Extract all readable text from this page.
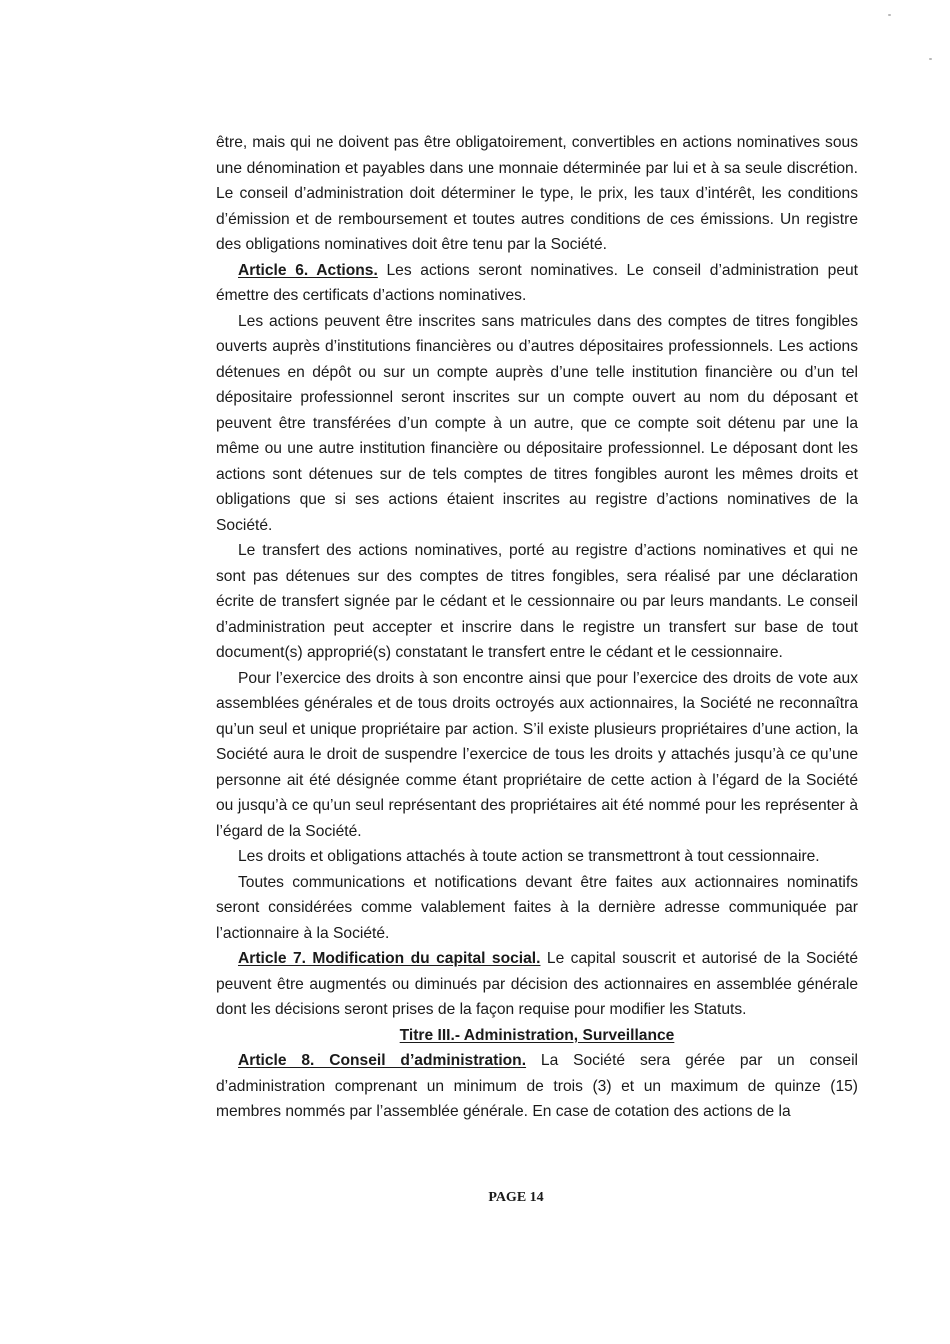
être, mais qui ne doivent pas être obligatoirement, convertibles en actions nominatives sous une dénomination et payables dans une monnaie déterminée par lui et à sa seule discrétion. Le conseil d’administration doit déterminer le type, le prix, les taux d’intérêt, les conditions d’émission et de remboursement et toutes autres conditions de ces émissions. Un registre des obligations nominatives doit être tenu par la Société.

Article 6. Actions. Les actions seront nominatives. Le conseil d’administration peut émettre des certificats d’actions nominatives.

Les actions peuvent être inscrites sans matricules dans des comptes de titres fongibles ouverts auprès d’institutions financières ou d’autres dépositaires professionnels. Les actions détenues en dépôt ou sur un compte auprès d’une telle institution financière ou d’un tel dépositaire professionnel seront inscrites sur un compte ouvert au nom du déposant et peuvent être transférées d’un compte à un autre, que ce compte soit détenu par une la même ou une autre institution financière ou dépositaire professionnel. Le déposant dont les actions sont détenues sur de tels comptes de titres fongibles auront les mêmes droits et obligations que si ses actions étaient inscrites au registre d’actions nominatives de la Société.

Le transfert des actions nominatives, porté au registre d’actions nominatives et qui ne sont pas détenues sur des comptes de titres fongibles, sera réalisé par une déclaration écrite de transfert signée par le cédant et le cessionnaire ou par leurs mandants. Le conseil d’administration peut accepter et inscrire dans le registre un transfert sur base de tout document(s) approprié(s) constatant le transfert entre le cédant et le cessionnaire.

Pour l’exercice des droits à son encontre ainsi que pour l’exercice des droits de vote aux assemblées générales et de tous droits octroyés aux actionnaires, la Société ne reconnaîtra qu’un seul et unique propriétaire par action. S’il existe plusieurs propriétaires d’une action, la Société aura le droit de suspendre l’exercice de tous les droits y attachés jusqu’à ce qu’une personne ait été désignée comme étant propriétaire de cette action à l’égard de la Société ou jusqu’à ce qu’un seul représentant des propriétaires ait été nommé pour les représenter à l’égard de la Société.

Les droits et obligations attachés à toute action se transmettront à tout cessionnaire.

Toutes communications et notifications devant être faites aux actionnaires nominatifs seront considérées comme valablement faites à la dernière adresse communiquée par l’actionnaire à la Société.

Article 7. Modification du capital social. Le capital souscrit et autorisé de la Société peuvent être augmentés ou diminués par décision des actionnaires en assemblée générale dont les décisions seront prises de la façon requise pour modifier les Statuts.

Titre III.- Administration, Surveillance

Article 8. Conseil d’administration. La Société sera gérée par un conseil d’administration comprenant un minimum de trois (3) et un maximum de quinze (15) membres nommés par l’assemblée générale. En case de cotation des actions de la

PAGE 14
